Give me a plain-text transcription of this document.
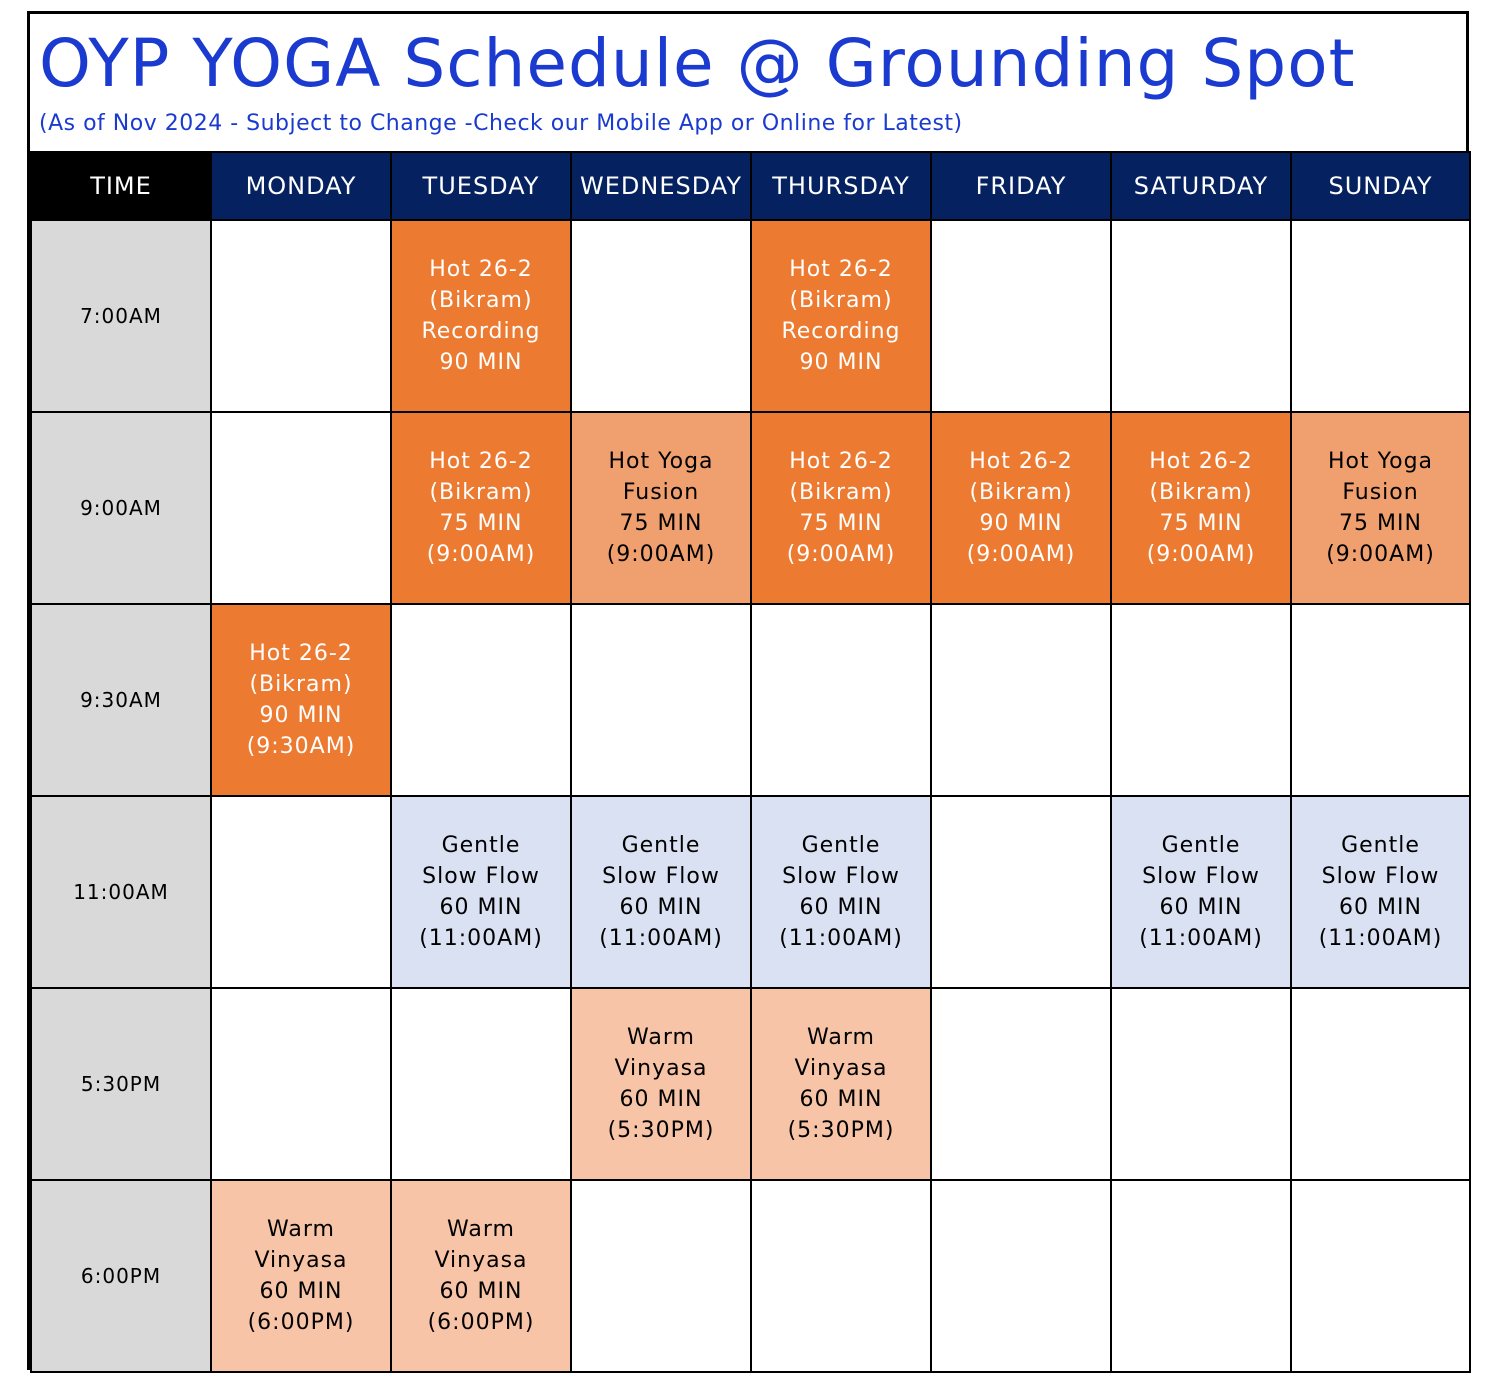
OYP YOGA Schedule @ Grounding Spot

(As of Nov 2024 - Subject to Change -Check our Mobile App or Online for Latest)

TIME	MONDAY	TUESDAY	WEDNESDAY	THURSDAY	FRIDAY	SATURDAY	SUNDAY
7:00AM		Hot 26-2
(Bikram)
Recording
90 MIN		Hot 26-2
(Bikram)
Recording
90 MIN			

9:00AM		Hot 26-2
(Bikram)
75 MIN
(9:00AM)	Hot Yoga
Fusion
75 MIN
(9:00AM)	Hot 26-2
(Bikram)
75 MIN
(9:00AM)	Hot 26-2
(Bikram)
90 MIN
(9:00AM)	Hot 26-2
(Bikram)
75 MIN
(9:00AM)	Hot Yoga
Fusion
75 MIN
(9:00AM)

9:30AM	Hot 26-2
(Bikram)
90 MIN
(9:30AM)						

11:00AM		Gentle
Slow Flow
60 MIN
(11:00AM)	Gentle
Slow Flow
60 MIN
(11:00AM)	Gentle
Slow Flow
60 MIN
(11:00AM)		Gentle
Slow Flow
60 MIN
(11:00AM)	Gentle
Slow Flow
60 MIN
(11:00AM)

5:30PM			Warm
Vinyasa
60 MIN
(5:30PM)	Warm
Vinyasa
60 MIN
(5:30PM)			

6:00PM	Warm
Vinyasa
60 MIN
(6:00PM)	Warm
Vinyasa
60 MIN
(6:00PM)					
